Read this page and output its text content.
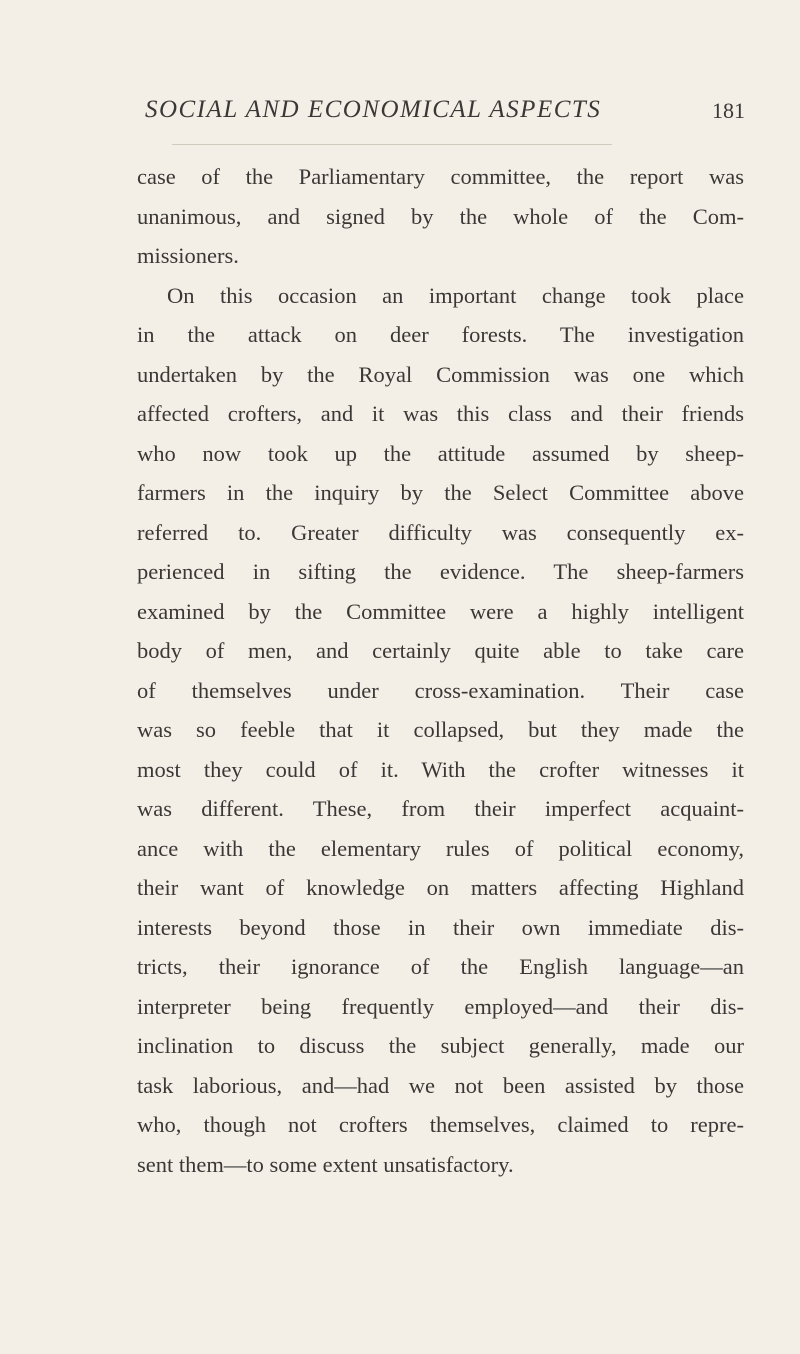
SOCIAL AND ECONOMICAL ASPECTS	181
case of the Parliamentary committee, the report was
unanimous, and signed by the whole of the Com-
missioners.
On this occasion an important change took place
in the attack on deer forests. The investigation
undertaken by the Royal Commission was one which
affected crofters, and it was this class and their friends
who now took up the attitude assumed by sheep-
farmers in the inquiry by the Select Committee above
referred to. Greater difficulty was consequently ex-
perienced in sifting the evidence. The sheep-farmers
examined by the Committee were a highly intelligent
body of men, and certainly quite able to take care
of themselves under cross-examination. Their case
was so feeble that it collapsed, but they made the
most they could of it. With the crofter witnesses it
was different. These, from their imperfect acquaint-
ance with the elementary rules of political economy,
their want of knowledge on matters affecting Highland
interests beyond those in their own immediate dis-
tricts, their ignorance of the English language—an
interpreter being frequently employed—and their dis-
inclination to discuss the subject generally, made our
task laborious, and—had we not been assisted by those
who, though not crofters themselves, claimed to repre-
sent them—to some extent unsatisfactory.
